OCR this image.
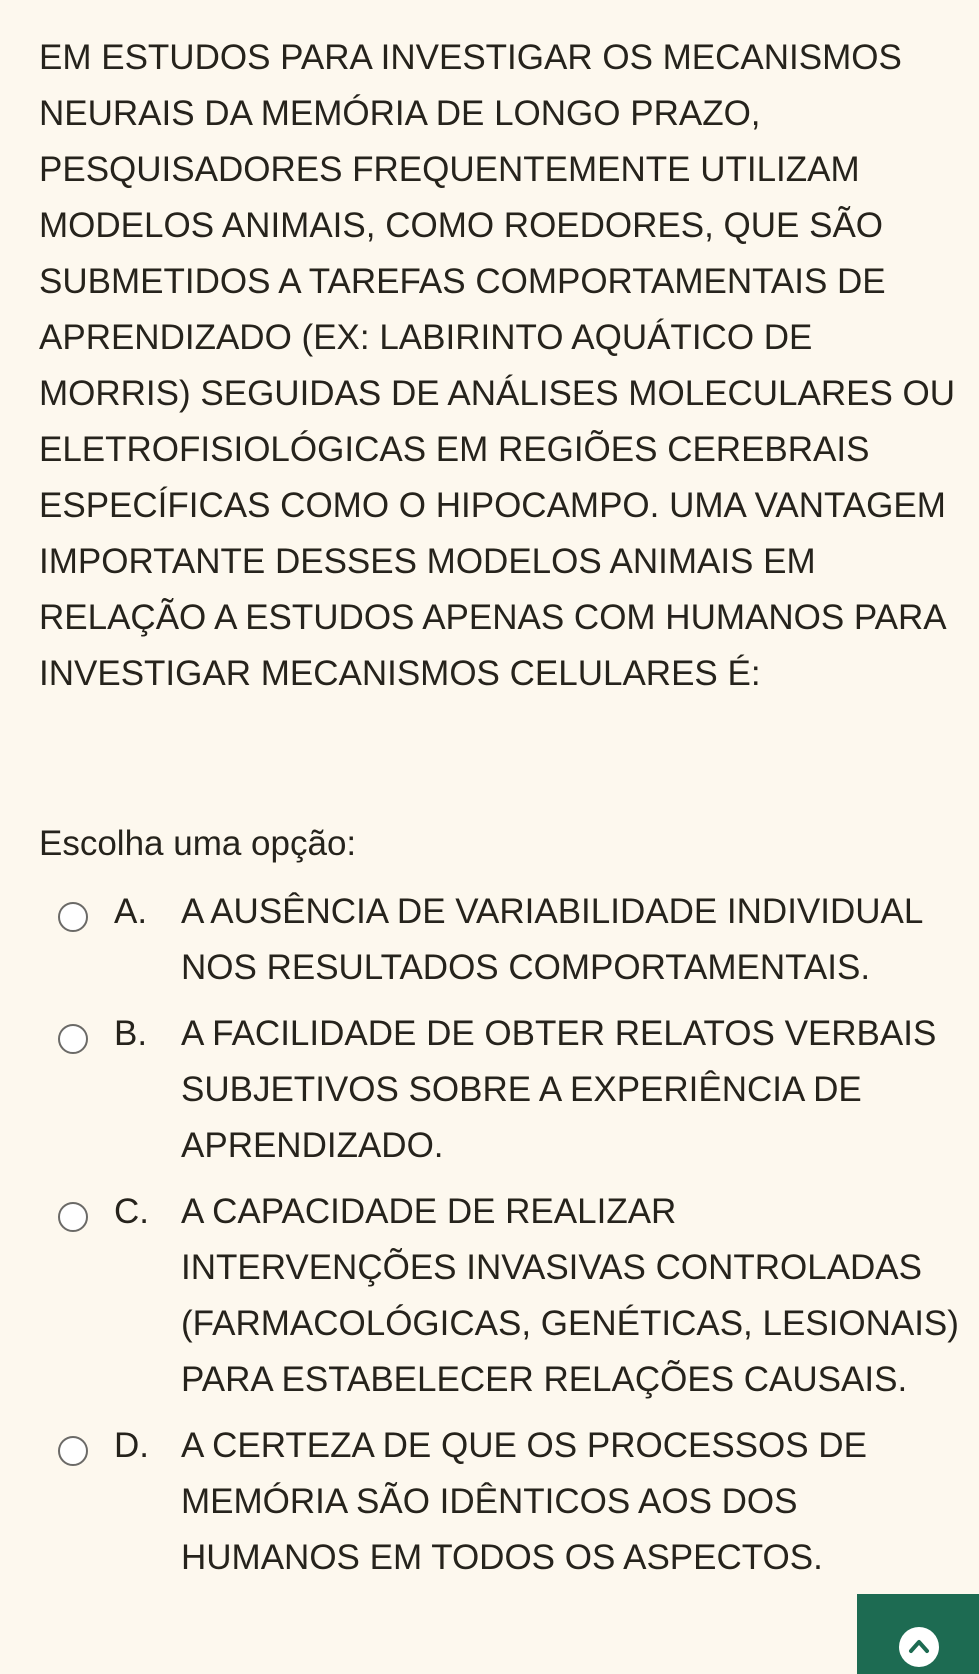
EM ESTUDOS PARA INVESTIGAR OS MECANISMOS NEURAIS DA MEMÓRIA DE LONGO PRAZO, PESQUISADORES FREQUENTEMENTE UTILIZAM MODELOS ANIMAIS, COMO ROEDORES, QUE SÃO SUBMETIDOS A TAREFAS COMPORTAMENTAIS DE APRENDIZADO (EX: LABIRINTO AQUÁTICO DE MORRIS) SEGUIDAS DE ANÁLISES MOLECULARES OU ELETROFISIOLÓGICAS EM REGIÕES CEREBRAIS ESPECÍFICAS COMO O HIPOCAMPO. UMA VANTAGEM IMPORTANTE DESSES MODELOS ANIMAIS EM RELAÇÃO A ESTUDOS APENAS COM HUMANOS PARA INVESTIGAR MECANISMOS CELULARES É:

Escolha uma opção:

A. A AUSÊNCIA DE VARIABILIDADE INDIVIDUAL NOS RESULTADOS COMPORTAMENTAIS.
B. A FACILIDADE DE OBTER RELATOS VERBAIS SUBJETIVOS SOBRE A EXPERIÊNCIA DE APRENDIZADO.
C. A CAPACIDADE DE REALIZAR INTERVENÇÕES INVASIVAS CONTROLADAS (FARMACOLÓGICAS, GENÉTICAS, LESIONAIS) PARA ESTABELECER RELAÇÕES CAUSAIS.
D. A CERTEZA DE QUE OS PROCESSOS DE MEMÓRIA SÃO IDÊNTICOS AOS DOS HUMANOS EM TODOS OS ASPECTOS.
